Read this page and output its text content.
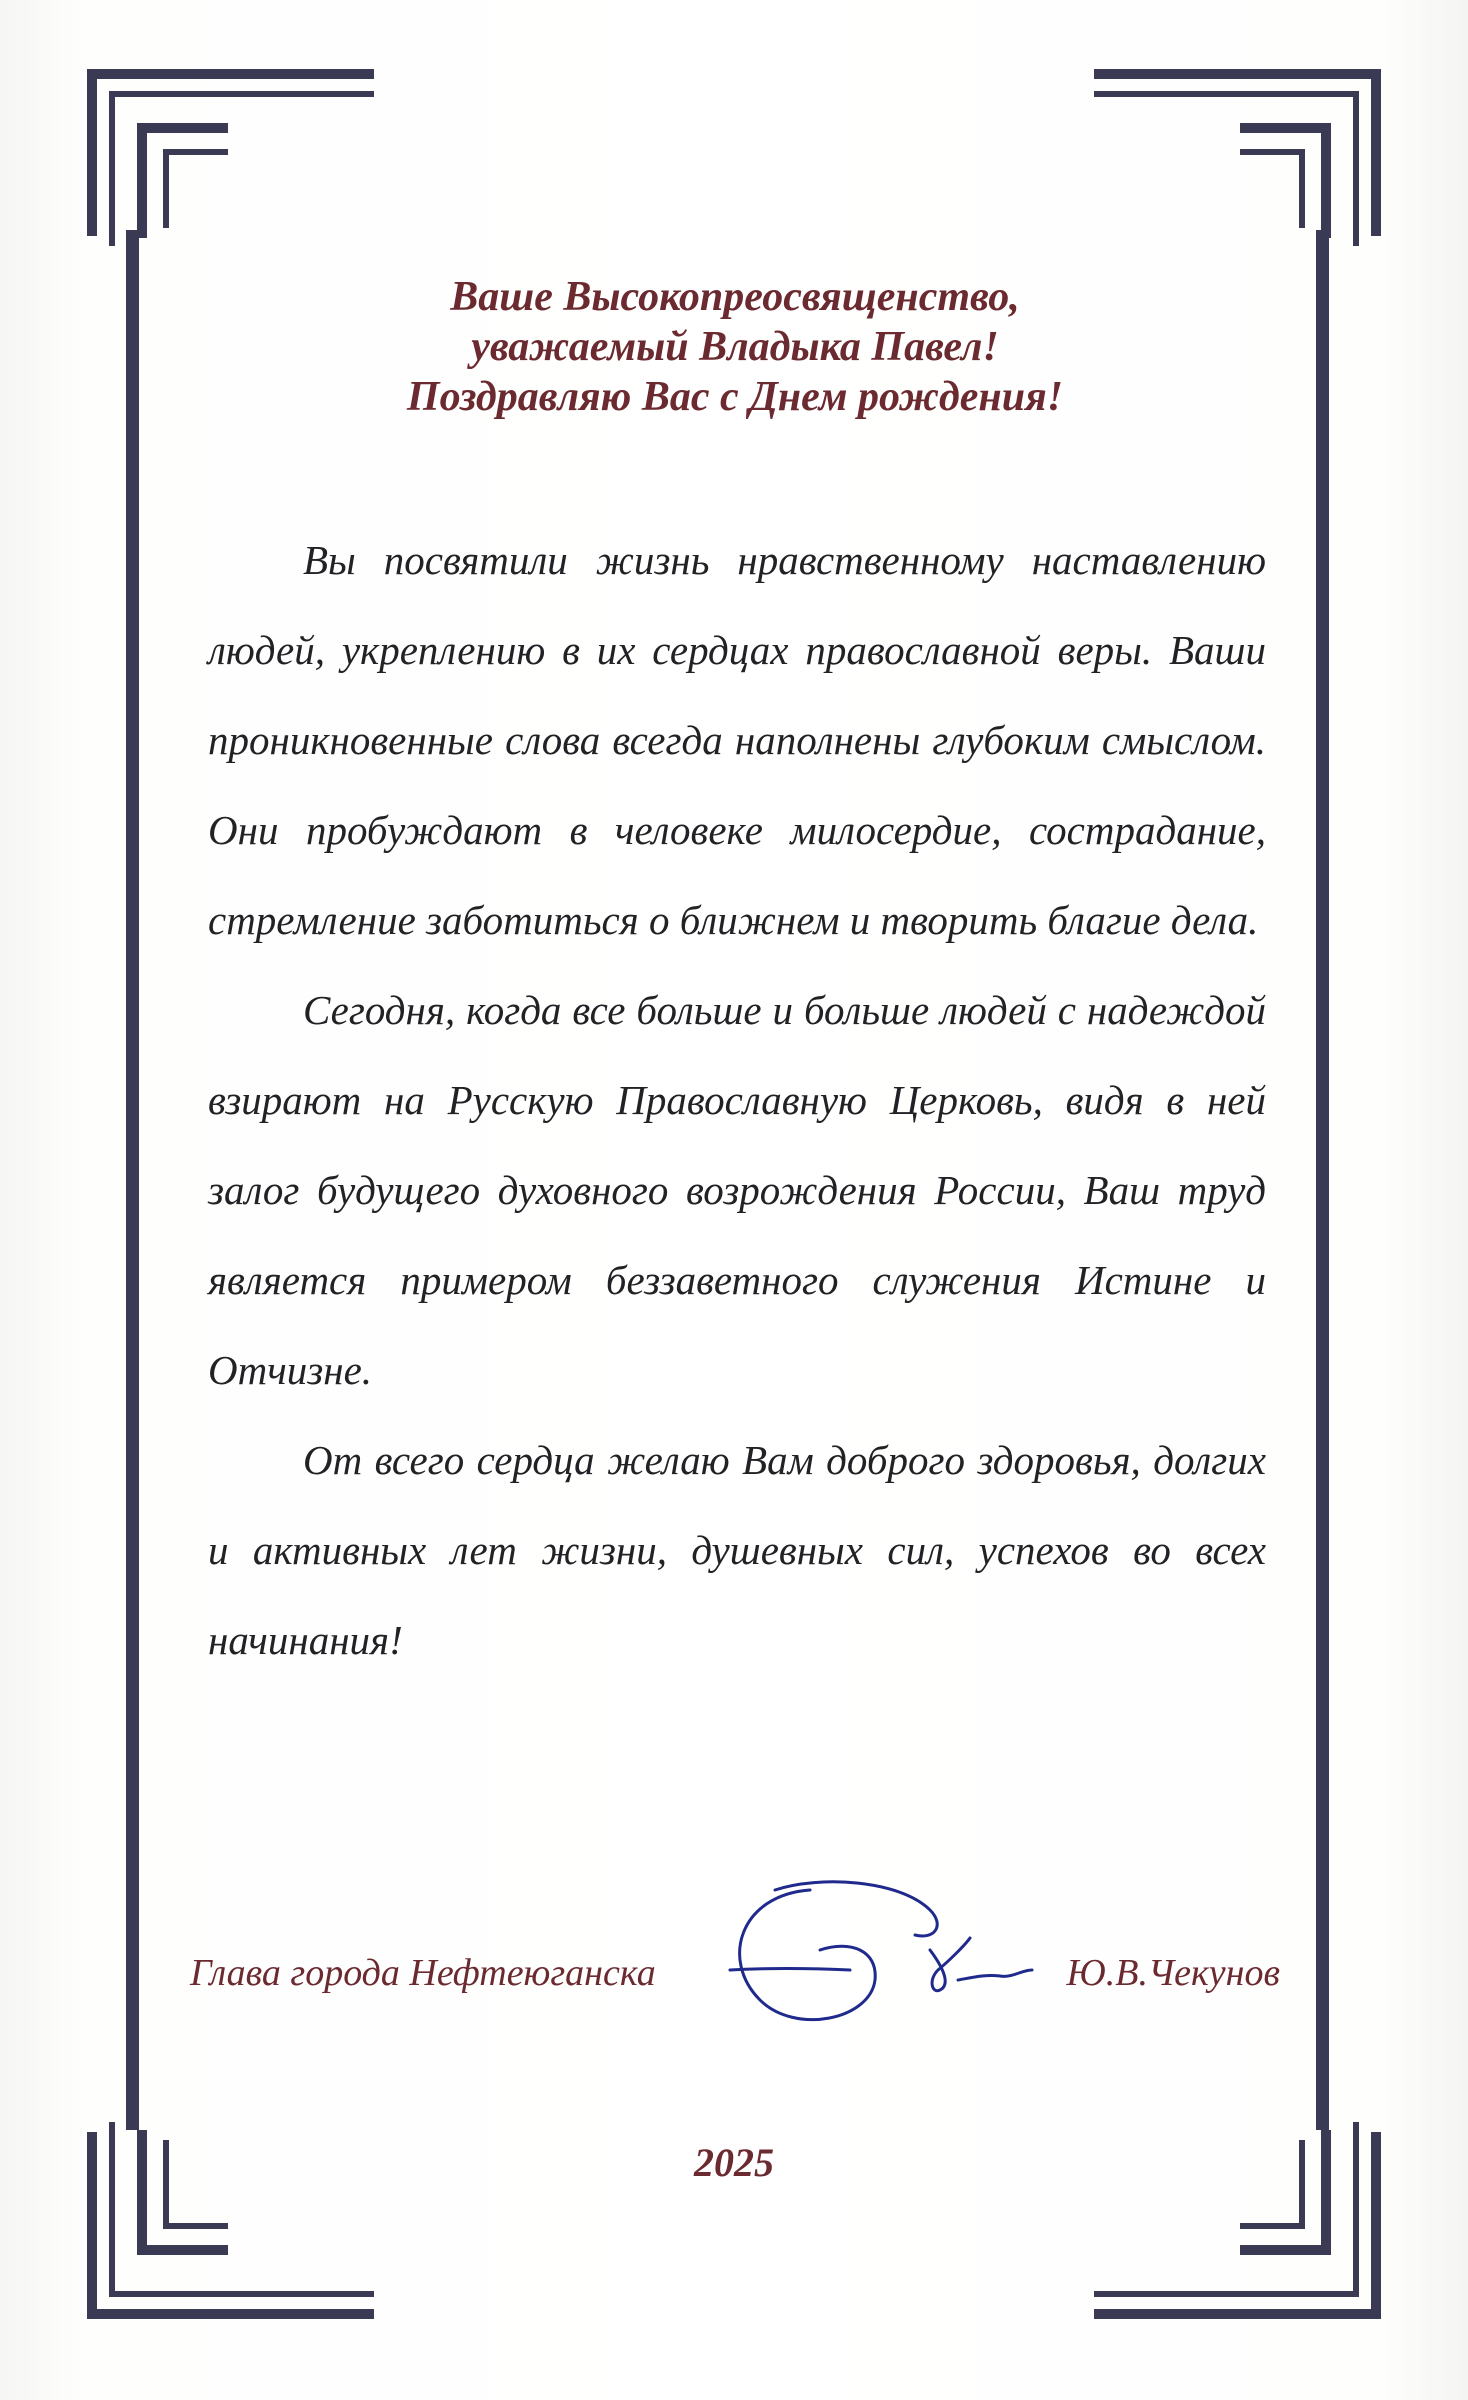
Ваше Высокопреосвященство,
уважаемый Владыка Павел!
Поздравляю Вас с Днем рождения!

Вы посвятили жизнь нравственному наставлению людей, укреплению в их сердцах православной веры. Ваши проникновенные слова всегда наполнены глубоким смыслом. Они пробуждают в человеке милосердие, сострадание, стремление заботиться о ближнем и творить благие дела.

Сегодня, когда все больше и больше людей с надеждой взирают на Русскую Православную Церковь, видя в ней залог будущего духовного возрождения России, Ваш труд является примером беззаветного служения Истине и Отчизне.

От всего сердца желаю Вам доброго здоровья, долгих и активных лет жизни, душевных сил, успехов во всех начинания!

Глава города Нефтеюганска	Ю.В.Чекунов
2025
